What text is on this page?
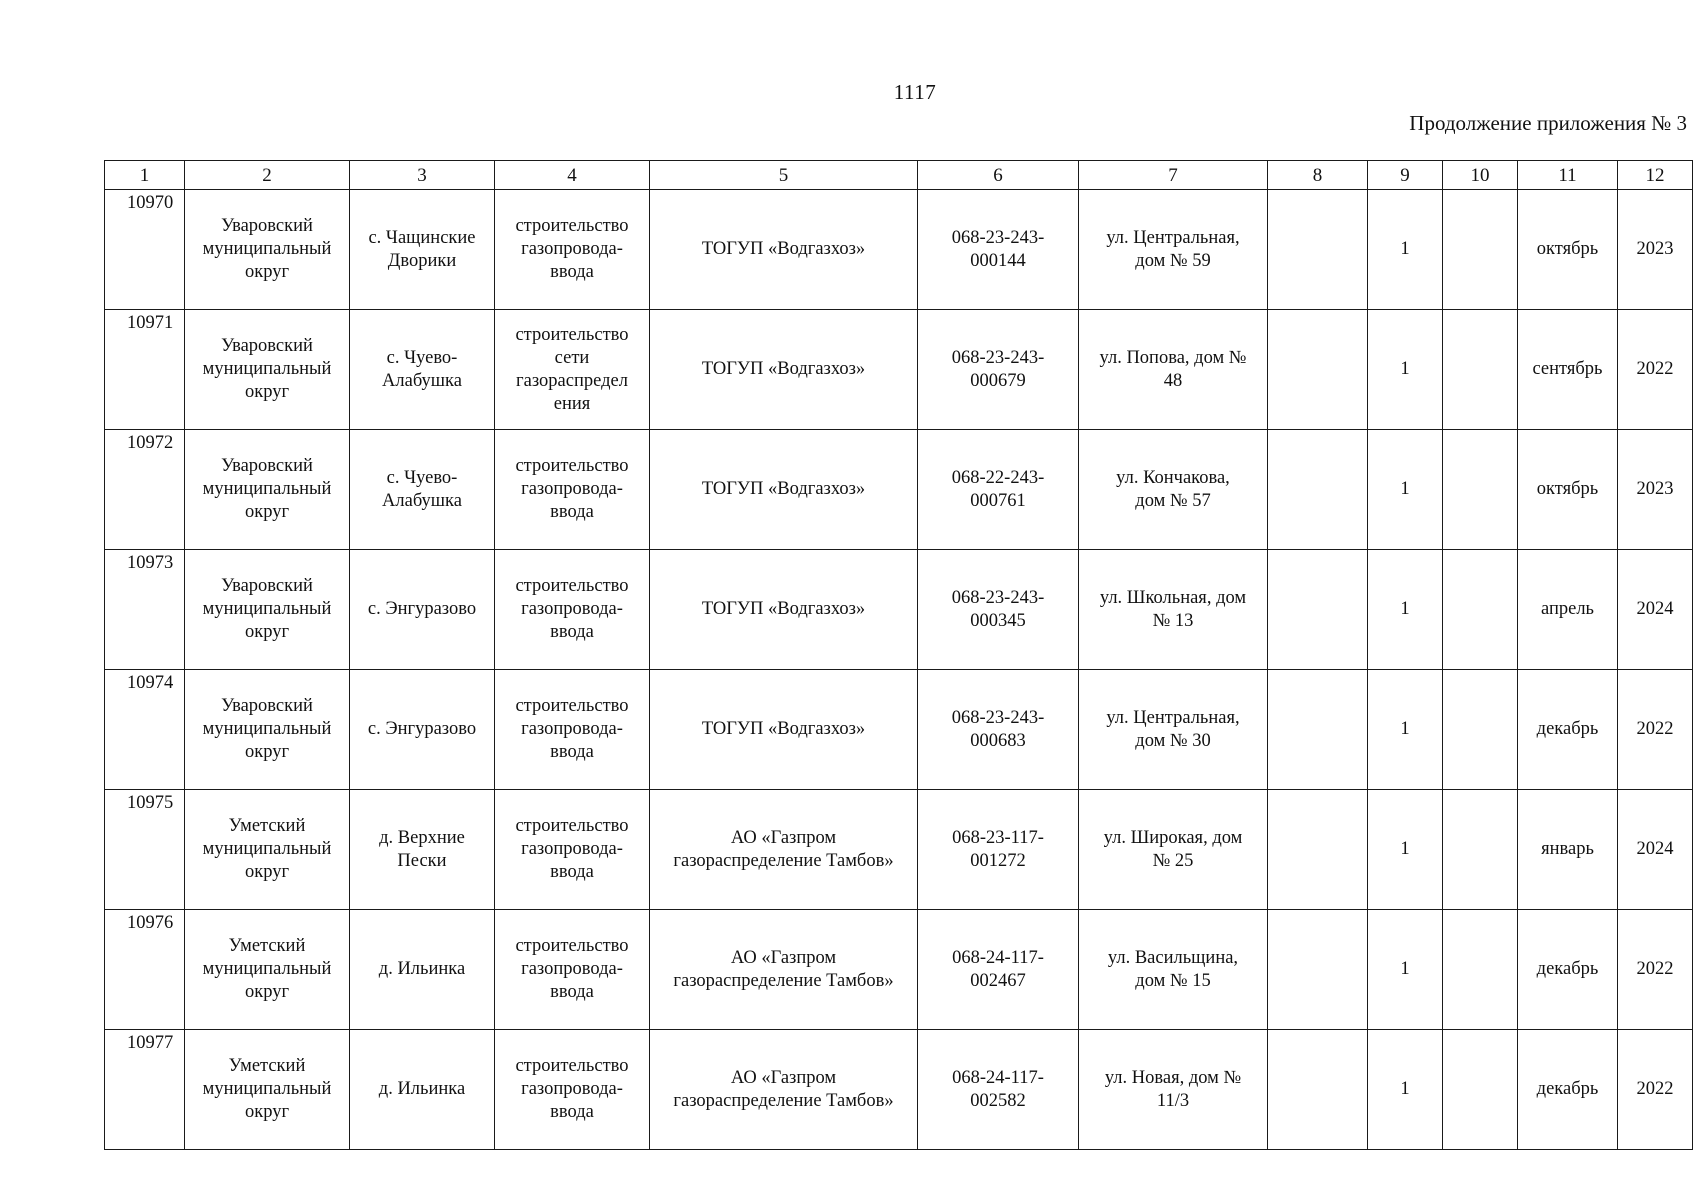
1117
Продолжение приложения № 3
1	2	3	4	5	6	7	8	9	10	11	12

10970	Уваровский
муниципальный
округ	с. Чащинские
Дворики	строительство
газопровода-
ввода	ТОГУП «Водгазхоз»	068-23-243-
000144	ул. Центральная,
дом № 59		1		октябрь	2023

10971	Уваровский
муниципальный
округ	с. Чуево-
Алабушка	строительство
сети
газораспредел
ения	ТОГУП «Водгазхоз»	068-23-243-
000679	ул. Попова, дом №
48		1		сентябрь	2022

10972	Уваровский
муниципальный
округ	с. Чуево-
Алабушка	строительство
газопровода-
ввода	ТОГУП «Водгазхоз»	068-22-243-
000761	ул. Кончакова,
дом № 57		1		октябрь	2023

10973	Уваровский
муниципальный
округ	с. Энгуразово	строительство
газопровода-
ввода	ТОГУП «Водгазхоз»	068-23-243-
000345	ул. Школьная, дом
№ 13		1		апрель	2024

10974	Уваровский
муниципальный
округ	с. Энгуразово	строительство
газопровода-
ввода	ТОГУП «Водгазхоз»	068-23-243-
000683	ул. Центральная,
дом № 30		1		декабрь	2022

10975	Уметский
муниципальный
округ	д. Верхние
Пески	строительство
газопровода-
ввода	АО «Газпром
газораспределение Тамбов»	068-23-117-
001272	ул. Широкая, дом
№ 25		1		январь	2024

10976	Уметский
муниципальный
округ	д. Ильинка	строительство
газопровода-
ввода	АО «Газпром
газораспределение Тамбов»	068-24-117-
002467	ул. Васильщина,
дом № 15		1		декабрь	2022

10977	Уметский
муниципальный
округ	д. Ильинка	строительство
газопровода-
ввода	АО «Газпром
газораспределение Тамбов»	068-24-117-
002582	ул. Новая, дом №
11/3		1		декабрь	2022
